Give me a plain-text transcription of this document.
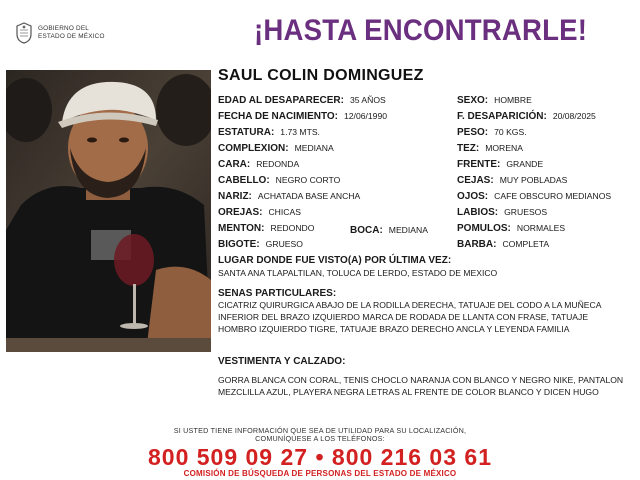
GOBIERNO DEL
ESTADO DE MÉXICO	¡HASTA ENCONTRARLE!
SAUL COLIN DOMINGUEZ
EDAD AL DESAPARECER: 35 AÑOS
FECHA DE NACIMIENTO: 12/06/1990
ESTATURA: 1.73 MTS.
COMPLEXION: MEDIANA
CARA: REDONDA
CABELLO: NEGRO CORTO
NARIZ: ACHATADA BASE ANCHA
OREJAS: CHICAS
MENTON: REDONDO
BIGOTE: GRUESO
BOCA: MEDIANA
SEXO: HOMBRE
F. DESAPARICIÓN: 20/08/2025
PESO: 70 KGS.
TEZ: MORENA
FRENTE: GRANDE
CEJAS: MUY POBLADAS
OJOS: CAFE OBSCURO MEDIANOS
LABIOS: GRUESOS
POMULOS: NORMALES
BARBA: COMPLETA
LUGAR DONDE FUE VISTO(A) POR ÚLTIMA VEZ:
SANTA ANA TLAPALTILAN, TOLUCA DE LERDO, ESTADO DE MEXICO
SENAS PARTICULARES:
CICATRIZ QUIRURGICA ABAJO DE LA RODILLA DERECHA, TATUAJE DEL CODO A LA MUÑECA INFERIOR DEL BRAZO IZQUIERDO MARCA DE RODADA DE LLANTA CON FRASE, TATUAJE HOMBRO IZQUIERDO TIGRE, TATUAJE BRAZO DERECHO ANCLA Y LEYENDA FAMILIA
VESTIMENTA Y CALZADO:
GORRA BLANCA CON CORAL, TENIS CHOCLO NARANJA CON BLANCO Y NEGRO NIKE, PANTALON MEZCLILLA AZUL, PLAYERA NEGRA LETRAS AL FRENTE DE COLOR BLANCO Y DICEN HUGO
SI USTED TIENE INFORMACIÓN QUE SEA DE UTILIDAD PARA SU LOCALIZACIÓN,
COMUNÍQUESE A LOS TELÉFONOS:
800 509 09 27 • 800 216 03 61
COMISIÓN DE BÚSQUEDA DE PERSONAS DEL ESTADO DE MÉXICO
